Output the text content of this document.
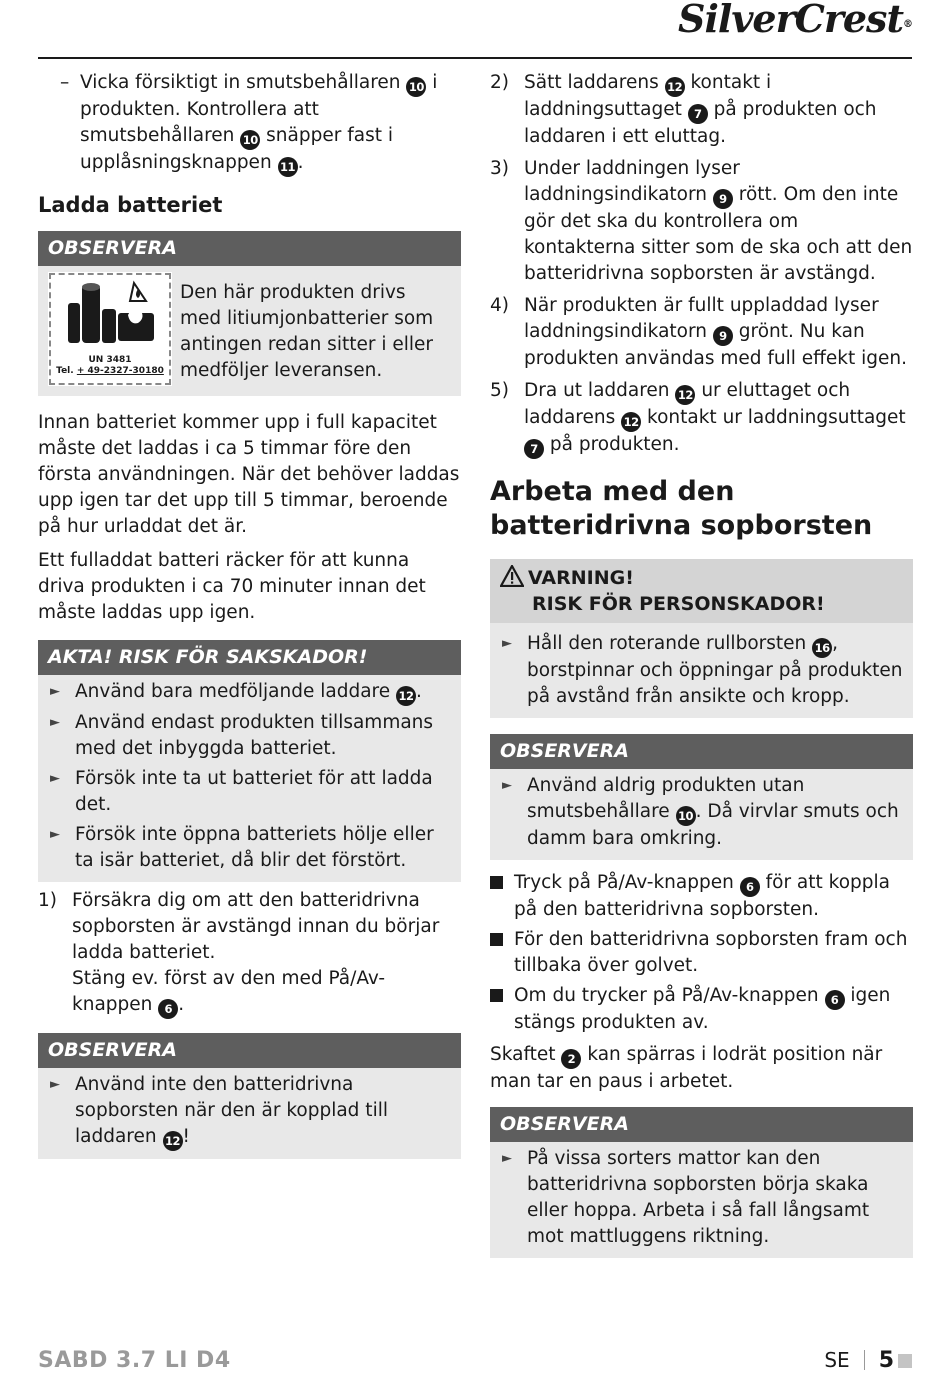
SilverCrest®
– Vicka försiktigt in smutsbehållaren 10 i produkten. Kontrollera att smutsbehållaren 10 snäpper fast i upplåsningsknappen 11 .
Ladda batteriet
OBSERVERA
UN 3481
Tel. + 49-2327-30180

Den här produkten drivs med litiumjonbatterier som antingen redan sitter i eller medföljer leveransen.

Innan batteriet kommer upp i full kapacitet måste det laddas i ca 5 timmar före den första användningen. När det behöver laddas upp igen tar det upp till 5 timmar, beroende på hur urladdat det är.

Ett fulladdat batteri räcker för att kunna driva produkten i ca 70 minuter innan det måste laddas upp igen.

AKTA! RISK FÖR SAKSKADOR!
► Använd bara medföljande laddare 12 .
► Använd endast produkten tillsammans med det inbyggda batteriet.
► Försök inte ta ut batteriet för att ladda det.
► Försök inte öppna batteriets hölje eller ta isär batteriet, då blir det förstört.
1) Försäkra dig om att den batteridrivna sopborsten är avstängd innan du börjar ladda batteriet.

Stäng ev. först av den med På/Av-knappen 6 .

OBSERVERA
► Använd inte den batteridrivna sopborsten när den är kopplad till laddaren 12 !
2) Sätt laddarens 12 kontakt i laddningsuttaget 7 på produkten och laddaren i ett eluttag.
3) Under laddningen lyser laddningsindikatorn 9 rött. Om den inte gör det ska du kontrollera om kontakterna sitter som de ska och att den batteridrivna sopborsten är avstängd.
4) När produkten är fullt uppladdad lyser laddningsindikatorn 9 grönt. Nu kan produkten användas med full effekt igen.
5) Dra ut laddaren 12 ur eluttaget och laddarens 12 kontakt ur laddningsuttaget 7 på produkten.
Arbeta med den batteridrivna sopborsten
VARNING!
RISK FÖR PERSONSKADOR!
► Håll den roterande rullborsten 16 , borstpinnar och öppningar på produkten på avstånd från ansikte och kropp.
OBSERVERA
► Använd aldrig produkten utan smutsbehållare 10 . Då virvlar smuts och damm bara omkring.
Tryck på På/Av-knappen 6 för att koppla på den batteridrivna sopborsten.
För den batteridrivna sopborsten fram och tillbaka över golvet.
Om du trycker på På/Av-knappen 6 igen stängs produkten av.

Skaftet 2 kan spärras i lodrät position när man tar en paus i arbetet.

OBSERVERA
► På vissa sorters mattor kan den batteridrivna sopborsten börja skaka eller hoppa. Arbeta i så fall långsamt mot mattluggens riktning.
SABD 3.7 LI D4	SE 5
